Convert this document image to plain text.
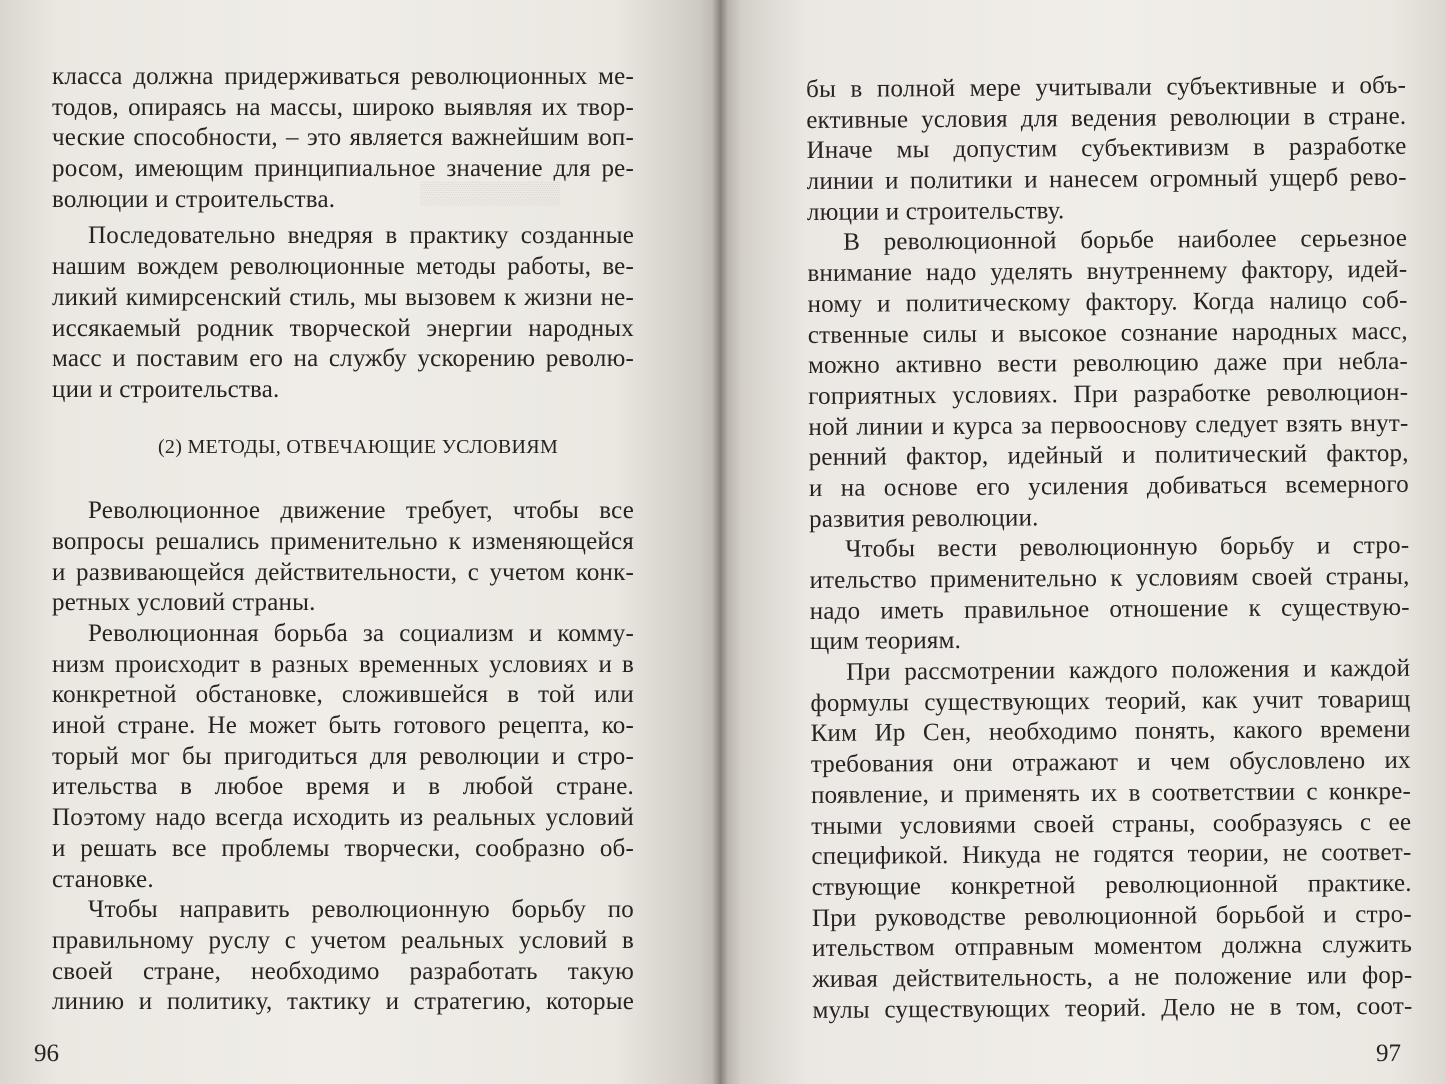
▒▒▒▒▒▒▒▒▒
класса должна придерживаться революционных ме-
тодов, опираясь на массы, широко выявляя их твор-
ческие способности, – это является важнейшим воп-
росом, имеющим принципиальное значение для ре-
волюции и строительства.
Последовательно внедряя в практику созданные
нашим вождем революционные методы работы, ве-
ликий кимирсенский стиль, мы вызовем к жизни не-
иссякаемый родник творческой энергии народных
масс и поставим его на службу ускорению револю-
ции и строительства.
(2) МЕТОДЫ, ОТВЕЧАЮЩИЕ УСЛОВИЯМ
Революционное движение требует, чтобы все
вопросы решались применительно к изменяющейся
и развивающейся действительности, с учетом конк-
ретных условий страны.
Революционная борьба за социализм и комму-
низм происходит в разных временных условиях и в
конкретной обстановке, сложившейся в той или
иной стране. Не может быть готового рецепта, ко-
торый мог бы пригодиться для революции и стро-
ительства в любое время и в любой стране.
Поэтому надо всегда исходить из реальных условий
и решать все проблемы творчески, сообразно об-
становке.
Чтобы направить революционную борьбу по
правильному руслу с учетом реальных условий в
своей стране, необходимо разработать такую
линию и политику, тактику и стратегию, которые
96
бы в полной мере учитывали субъективные и объ-
ективные условия для ведения революции в стране.
Иначе мы допустим субъективизм в разработке
линии и политики и нанесем огромный ущерб рево-
люции и строительству.
В революционной борьбе наиболее серьезное
внимание надо уделять внутреннему фактору, идей-
ному и политическому фактору. Когда налицо соб-
ственные силы и высокое сознание народных масс,
можно активно вести революцию даже при небла-
гоприятных условиях. При разработке революцион-
ной линии и курса за первооснову следует взять внут-
ренний фактор, идейный и политический фактор,
и на основе его усиления добиваться всемерного
развития революции.
Чтобы вести революционную борьбу и стро-
ительство применительно к условиям своей страны,
надо иметь правильное отношение к существую-
щим теориям.
При рассмотрении каждого положения и каждой
формулы существующих теорий, как учит товарищ
Ким Ир Сен, необходимо понять, какого времени
требования они отражают и чем обусловлено их
появление, и применять их в соответствии с конкре-
тными условиями своей страны, сообразуясь с ее
спецификой. Никуда не годятся теории, не соответ-
ствующие конкретной революционной практике.
При руководстве революционной борьбой и стро-
ительством отправным моментом должна служить
живая действительность, а не положение или фор-
мулы существующих теорий. Дело не в том, соот-
97
